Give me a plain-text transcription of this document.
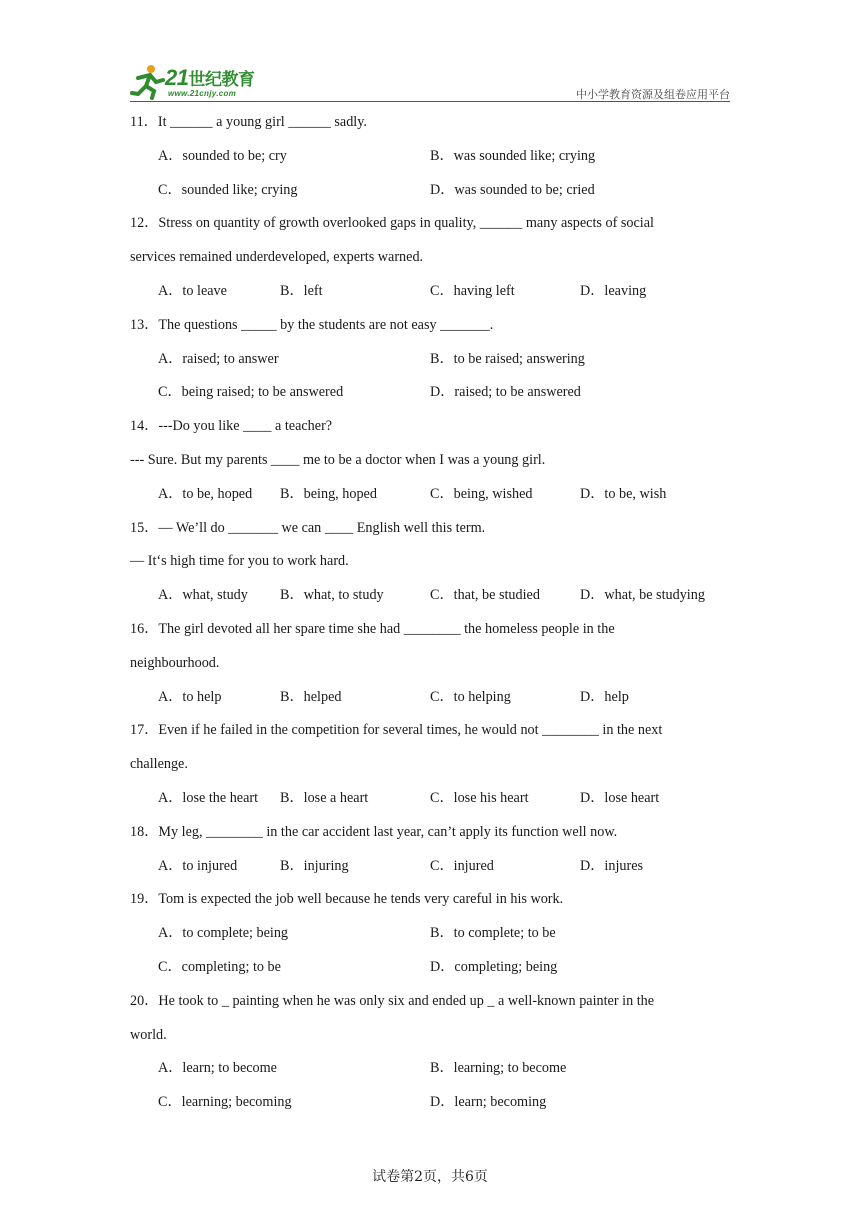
21世纪教育
www.21cnjy.com	中小学教育资源及组卷应用平台
11．It ______ a young girl ______ sadly.
A．sounded to be; cry	B．was sounded like; crying
C．sounded like; crying	D．was sounded to be; cried
12．Stress on quantity of growth overlooked gaps in quality, ______ many aspects of social
services remained underdeveloped, experts warned.
A．to leave	B．left	C．having left	D．leaving
13．The questions _____ by the students are not easy _______.
A．raised; to answer	B．to be raised; answering
C．being raised; to be answered	D．raised; to be answered
14．---Do you like ____ a teacher?
--- Sure. But my parents ____ me to be a doctor when I was a young girl.
A．to be, hoped B．being, hoped	C．being, wished	D．to be, wish
15．— We’ll do _______ we can ____ English well this term.
— It‘s high time for you to work hard.
A．what, study B．what, to study	C．that, be studied	D．what, be studying
16．The girl devoted all her spare time she had ________ the homeless people in the
neighbourhood.
A．to help	B．helped	C．to helping	D．help
17．Even if he failed in the competition for several times, he would not ________ in the next
challenge.
A．lose the heart B．lose a heart	C．lose his heart	D．lose heart
18．My leg, ________ in the car accident last year, can’t apply its function well now.
A．to injured	B．injuring	C．injured	D．injures
19．Tom is expected the job well because he tends very careful in his work.
A．to complete; being	B．to complete; to be
C．completing; to be	D．completing; being
20．He took to _ painting when he was only six and ended up _ a well-known painter in the
world.
A．learn; to become	B．learning; to become
C．learning; becoming	D．learn; becoming
试卷第2页，共6页
